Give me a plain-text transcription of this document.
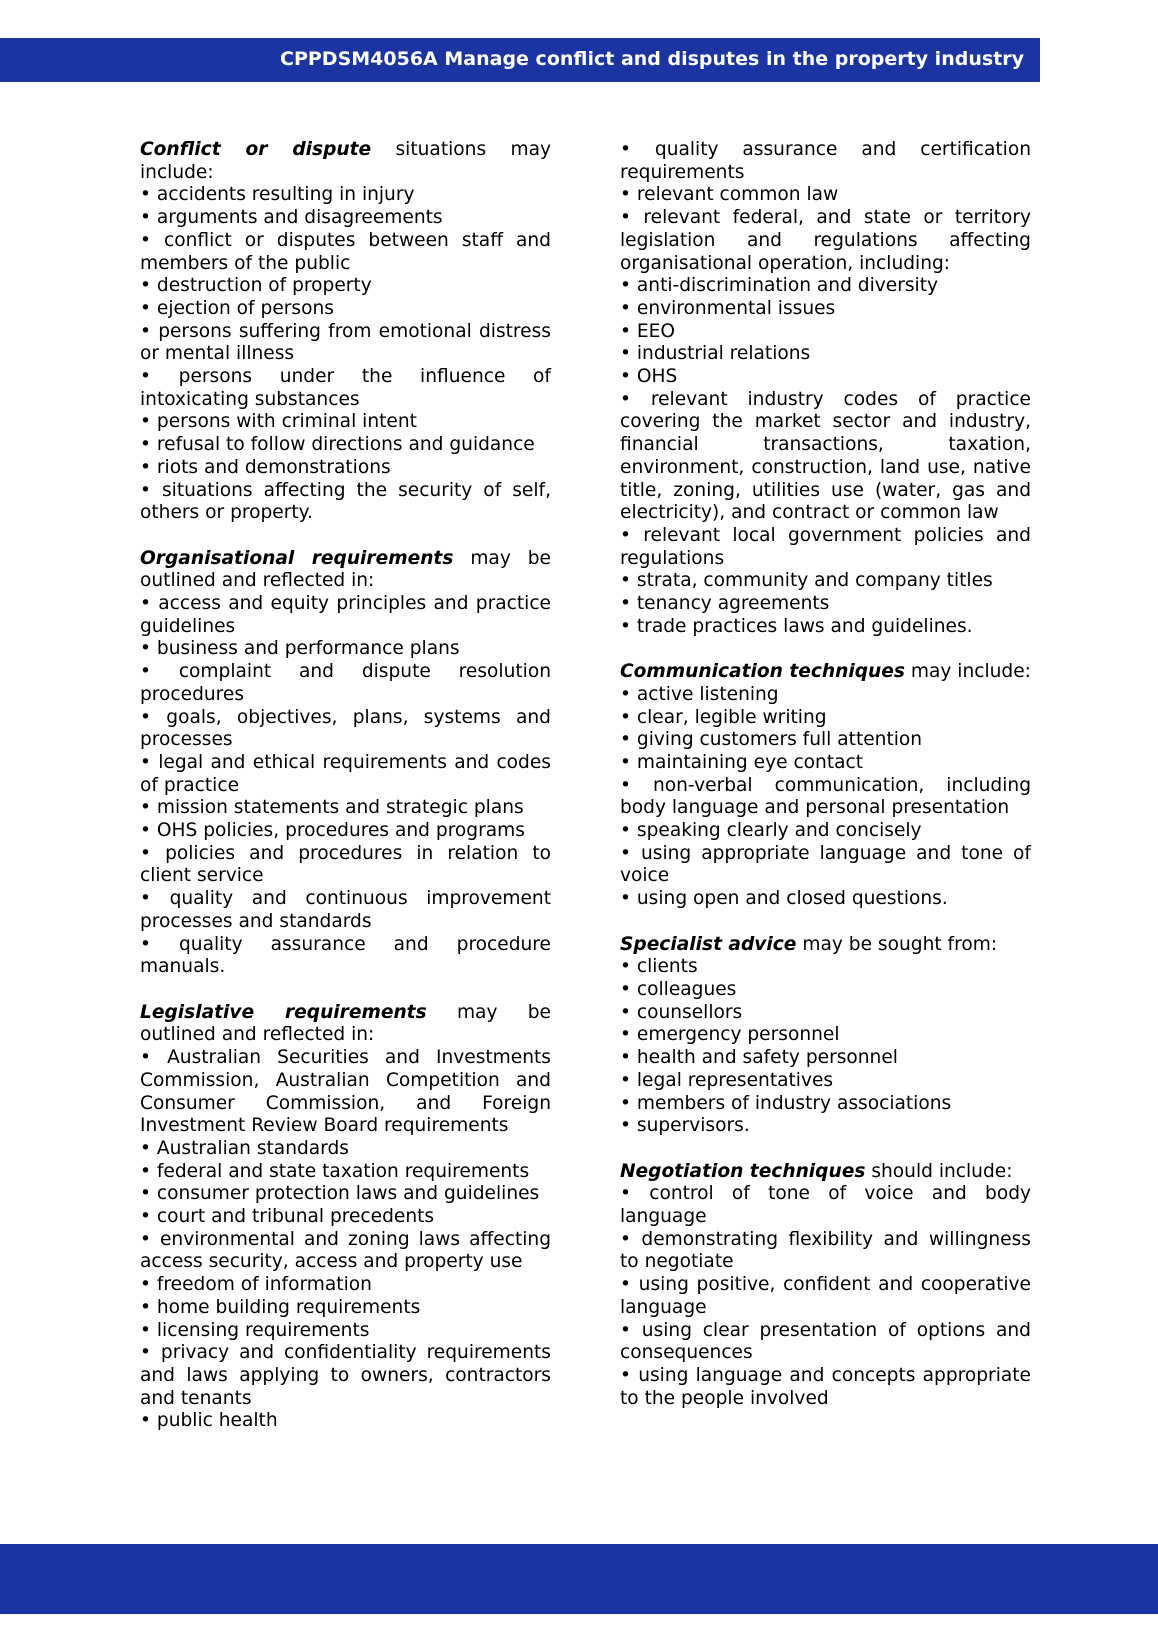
CPPDSM4056A Manage conflict and disputes in the property industry
Conflict or dispute situations may include:
• accidents resulting in injury
• arguments and disagreements
• conflict or disputes between staff and members of the public
• destruction of property
• ejection of persons
• persons suffering from emotional distress or mental illness
• persons under the influence of intoxicating substances
• persons with criminal intent
• refusal to follow directions and guidance
• riots and demonstrations
• situations affecting the security of self, others or property.
Organisational requirements may be outlined and reflected in:
• access and equity principles and practice guidelines
• business and performance plans
• complaint and dispute resolution procedures
• goals, objectives, plans, systems and processes
• legal and ethical requirements and codes of practice
• mission statements and strategic plans
• OHS policies, procedures and programs
• policies and procedures in relation to client service
• quality and continuous improvement processes and standards
• quality assurance and procedure manuals.
Legislative requirements may be outlined and reflected in:
• Australian Securities and Investments Commission, Australian Competition and Consumer Commission, and Foreign Investment Review Board requirements
• Australian standards
• federal and state taxation requirements
• consumer protection laws and guidelines
• court and tribunal precedents
• environmental and zoning laws affecting access security, access and property use
• freedom of information
• home building requirements
• licensing requirements
• privacy and confidentiality requirements and laws applying to owners, contractors and tenants
• public health
• quality assurance and certification requirements
• relevant common law
• relevant federal, and state or territory legislation and regulations affecting organisational operation, including:
• anti-discrimination and diversity
• environmental issues
• EEO
• industrial relations
• OHS
• relevant industry codes of practice covering the market sector and industry, financial transactions, taxation, environment, construction, land use, native title, zoning, utilities use (water, gas and electricity), and contract or common law
• relevant local government policies and regulations
• strata, community and company titles
• tenancy agreements
• trade practices laws and guidelines.
Communication techniques may include:
• active listening
• clear, legible writing
• giving customers full attention
• maintaining eye contact
• non-verbal communication, including body language and personal presentation
• speaking clearly and concisely
• using appropriate language and tone of voice
• using open and closed questions.
Specialist advice may be sought from:
• clients
• colleagues
• counsellors
• emergency personnel
• health and safety personnel
• legal representatives
• members of industry associations
• supervisors.
Negotiation techniques should include:
• control of tone of voice and body language
• demonstrating flexibility and willingness to negotiate
• using positive, confident and cooperative language
• using clear presentation of options and consequences
• using language and concepts appropriate to the people involved
